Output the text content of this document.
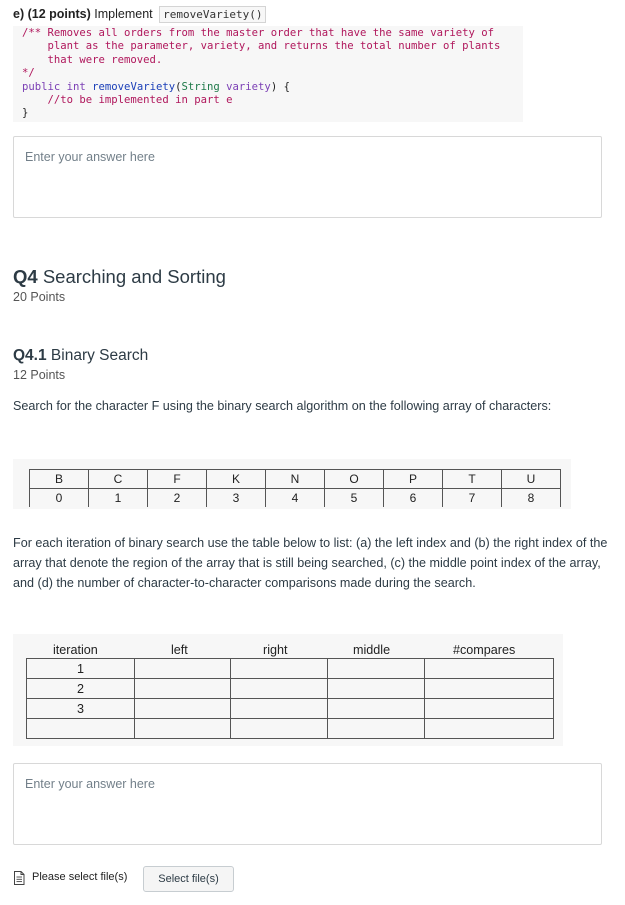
e) (12 points) Implement removeVariety()
/** Removes all orders from the master order that have the same variety of
plant as the parameter, variety, and returns the total number of plants
that were removed.
*/
public int removeVariety(String variety) {
//to be implemented in part e
}
Enter your answer here
Q4 Searching and Sorting
20 Points
Q4.1 Binary Search
12 Points
Search for the character F using the binary search algorithm on the following array of characters:
B	C	F	K	N	O	P	T	U
0	1	2	3	4	5	6	7	8
For each iteration of binary search use the table below to list: (a) the left index and (b) the right index of the array that denote the region of the array that is still being searched, (c) the middle point index of the array, and (d) the number of character-to-character comparisons made during the search.
iteration	left	right	middle	#compares
1				
2				
3				

Enter your answer here
Please select file(s)	Select file(s)
